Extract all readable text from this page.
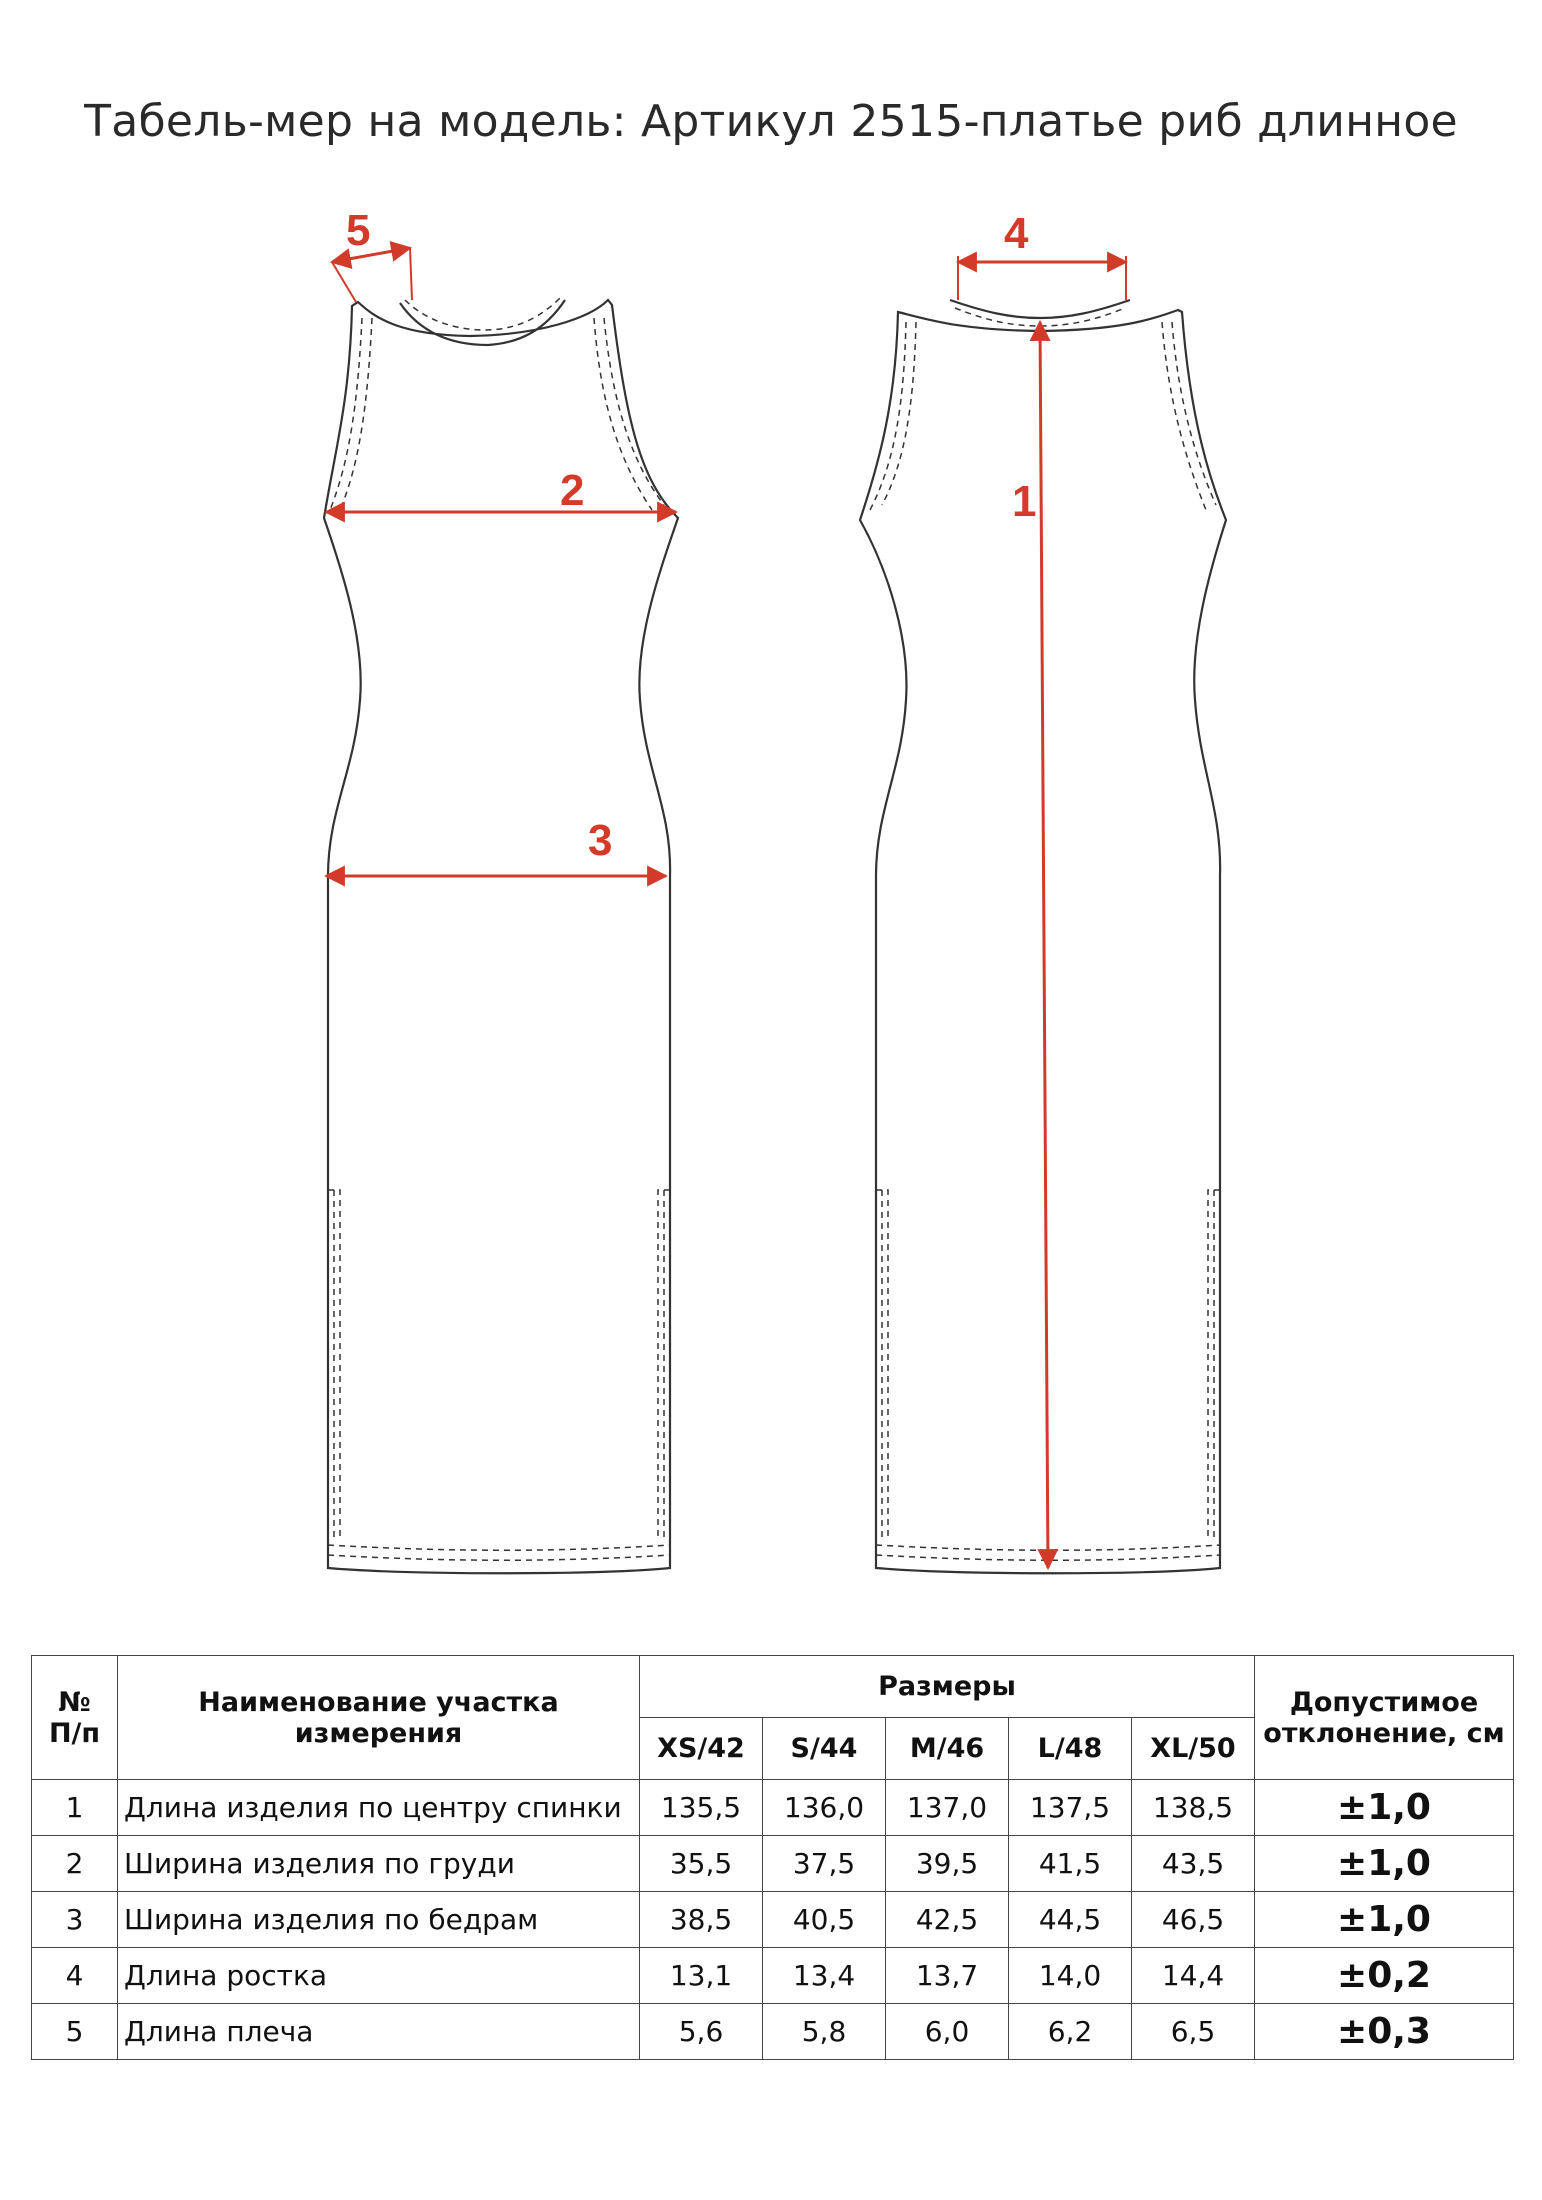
Табель-мер на модель: Артикул 2515-платье риб длинное
5
2
3
4
1
№
П/п	Наименование участка измерения	Размеры					Допустимое отклонение, см
		XS/42	S/44	M/46	L/48	XL/50	
1	Длина изделия по центру спинки	135,5	136,0	137,0	137,5	138,5	±1,0
2	Ширина изделия по груди	35,5	37,5	39,5	41,5	43,5	±1,0
3	Ширина изделия по бедрам	38,5	40,5	42,5	44,5	46,5	±1,0
4	Длина ростка	13,1	13,4	13,7	14,0	14,4	±0,2
5	Длина плеча	5,6	5,8	6,0	6,2	6,5	±0,3
